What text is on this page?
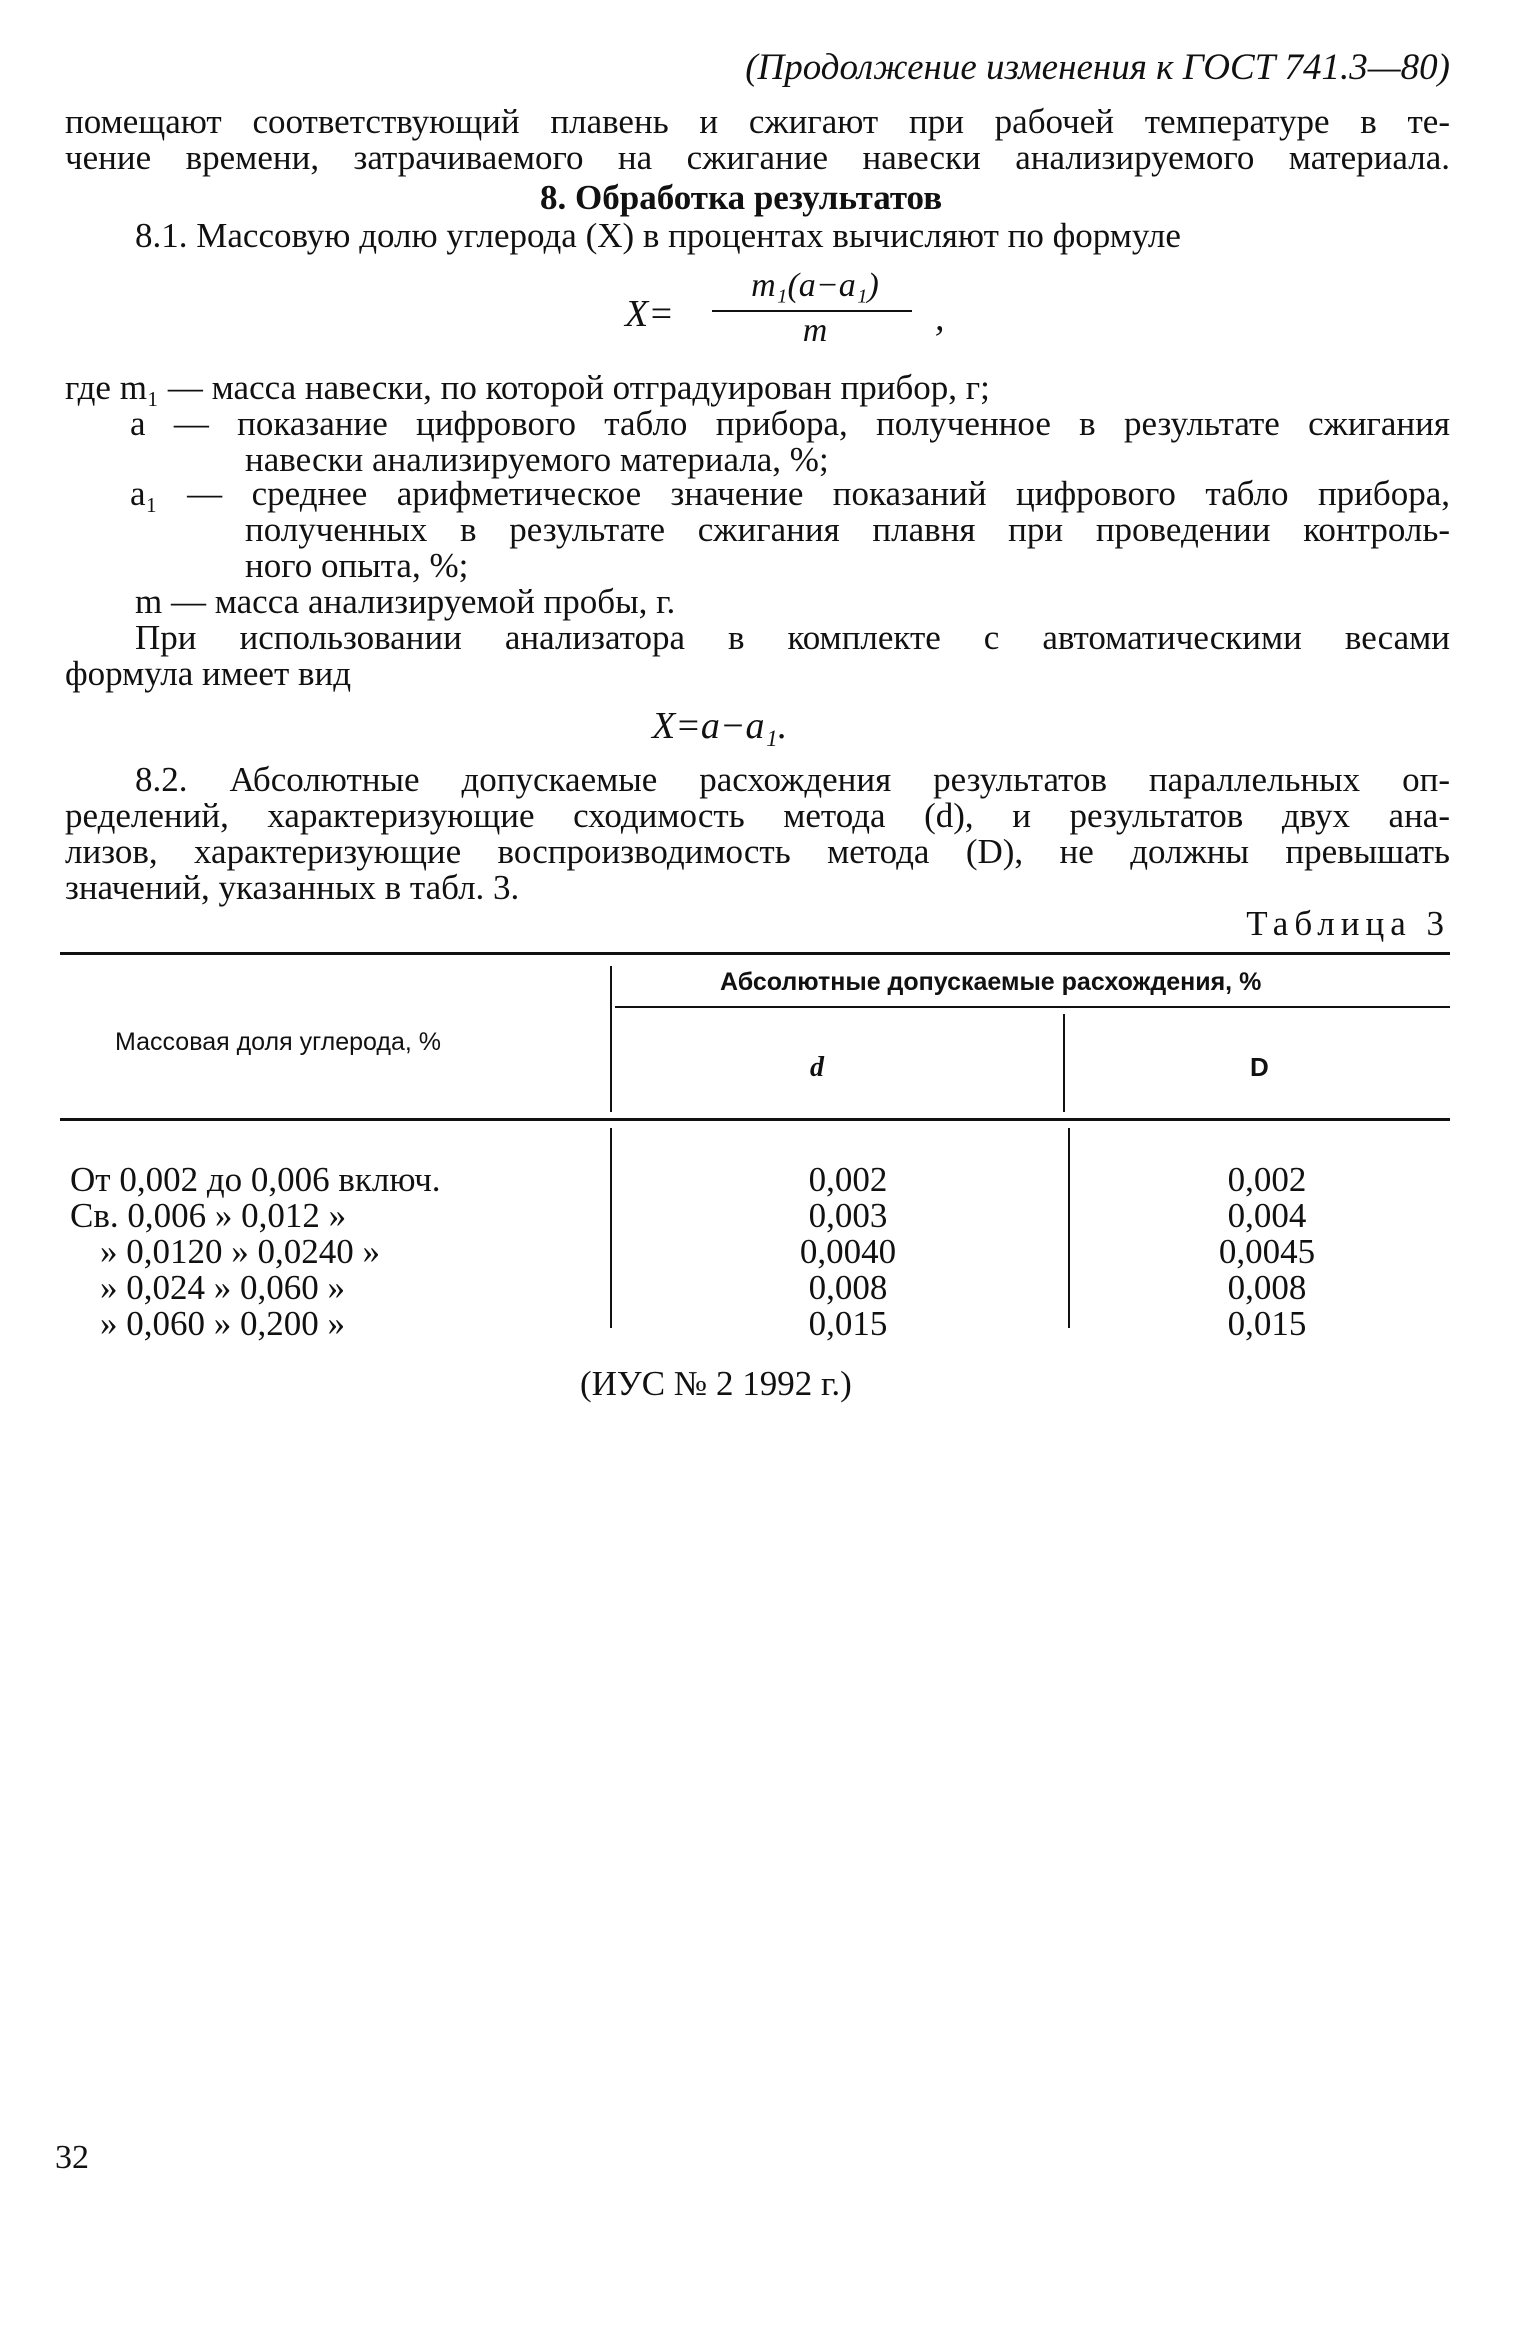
(Продолжение изменения к ГОСТ 741.3—80)
помещают соответствующий плавень и сжигают при рабочей температуре в те-
чение времени, затрачиваемого на сжигание навески анализируемого материала.
8. Обработка результатов
8.1. Массовую долю углерода (X) в процентах вычисляют по формуле
X=
m₁(a−a₁)
m	,
где m₁ — масса навески, по которой отградуирован прибор, г;
a — показание цифрового табло прибора, полученное в результате сжигания
навески анализируемого материала, %;
a₁ — среднее арифметическое значение показаний цифрового табло прибора,
полученных в результате сжигания плавня при проведении контроль-
ного опыта, %;
m — масса анализируемой пробы, г.
При использовании анализатора в комплекте с автоматическими весами
формула имеет вид
X=a−a₁.
8.2. Абсолютные допускаемые расхождения результатов параллельных оп-
ределений, характеризующие сходимость метода (d), и результатов двух ана-
лизов, характеризующие воспроизводимость метода (D), не должны превышать
значений, указанных в табл. 3.
Таблица 3
Массовая доля углерода, %
Абсолютные допускаемые расхождения, %
d	D
От 0,002 до 0,006 включ.	0,002	0,002
Св. 0,006 » 0,012 »	0,003	0,004
» 0,0120 » 0,0240 »	0,0040	0,0045
» 0,024 » 0,060 »	0,008	0,008
» 0,060 » 0,200 »	0,015	0,015
(ИУС № 2 1992 г.)
32
